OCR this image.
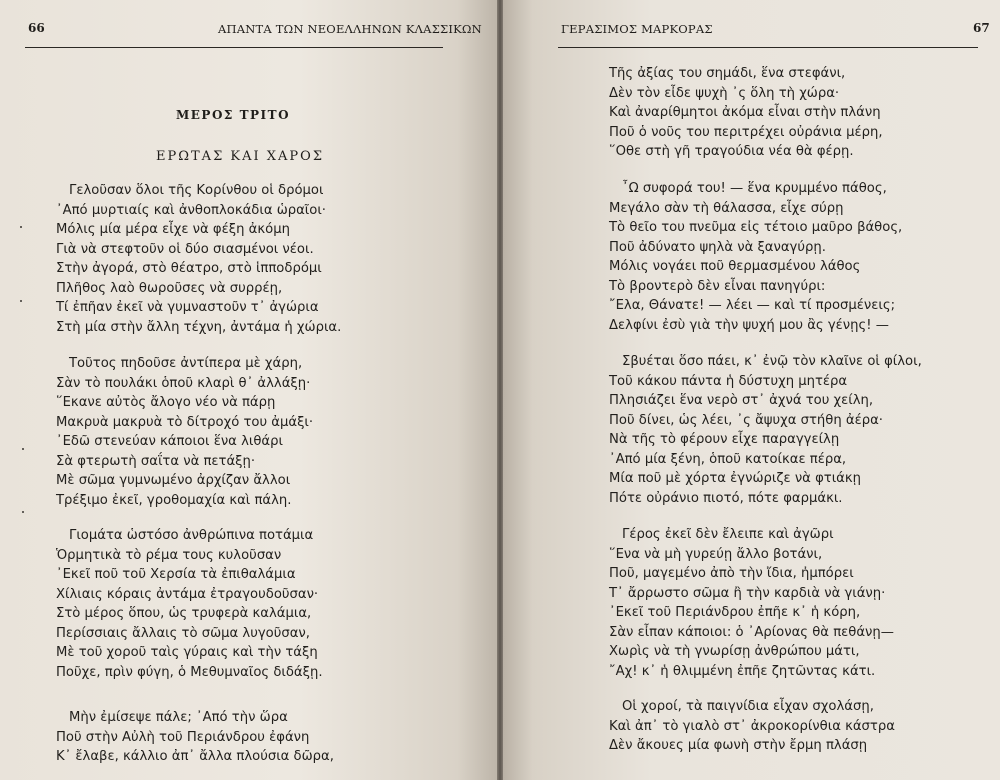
66	ΑΠΑΝΤΑ ΤΩΝ ΝΕΟΕΛΛΗΝΩΝ ΚΛΑΣΣΙΚΩΝ
ΜΕΡΟΣ ΤΡΙΤΟ
ΕΡΩΤΑΣ ΚΑΙ ΧΑΡΟΣ
Γελοῦσαν ὅλοι τῆς Κορίνθου οἱ δρόμοι
᾿Από μυρτιαίς καὶ ἀνθοπλοκάδια ὡραῖοι·
Μόλις μία μέρα εἶχε νὰ φέξη ἀκόμη
Γιὰ νὰ στεφτοῦν οἱ δύο σιασμένοι νέοι.
Στὴν ἀγορά, στὸ θέατρο, στὸ ἱπποδρόμι
Πλῆθος λαὸ θωροῦσες νὰ συρρέῃ,
Τί ἐπῆαν ἐκεῖ νὰ γυμναστοῦν τ᾿ ἀγώρια
Στὴ μία στὴν ἄλλη τέχνη, ἀντάμα ἡ χώρια.
Τοῦτος πηδοῦσε ἀντίπερα μὲ χάρη,
Σὰν τὸ πουλάκι ὁποῦ κλαρὶ θ᾿ ἀλλάξῃ·
῞Εκανε αὐτὸς ἄλογο νέο νὰ πάρῃ
Μακρυὰ μακρυὰ τὸ δίτροχό του ἀμάξι·
᾿Εδῶ στενεύαν κάποιοι ἕνα λιθάρι
Σὰ φτερωτὴ σαΐτα νὰ πετάξῃ·
Μὲ σῶμα γυμνωμένο ἀρχίζαν ἄλλοι
Τρέξιμο ἐκεῖ, γροθομαχία καὶ πάλη.
Γιομάτα ὡστόσο ἀνθρώπινα ποτάμια
Ὁρμητικὰ τὸ ρέμα τους κυλοῦσαν
᾿Εκεῖ ποῦ τοῦ Χερσία τὰ ἐπιθαλάμια
Χίλιαις κόραις ἀντάμα ἐτραγουδοῦσαν·
Στὸ μέρος ὅπου, ὡς τρυφερὰ καλάμια,
Περίσσιαις ἄλλαις τὸ σῶμα λυγοῦσαν,
Μὲ τοῦ χοροῦ ταὶς γύραις καὶ τὴν τάξη
Ποῦχε, πρὶν φύγη, ὁ Μεθυμναῖος διδάξῃ.
Μὴν ἐμίσεψε πάλε; ᾿Από τὴν ὥρα
Ποῦ στὴν Αὐλὴ τοῦ Περιάνδρου ἐφάνη
Κ᾿ ἔλαβε, κάλλιο ἀπ᾿ ἄλλα πλούσια δῶρα,
ΓΕΡΑΣΙΜΟΣ ΜΑΡΚΟΡΑΣ	67
Τῆς ἀξίας του σημάδι, ἕνα στεφάνι,
Δὲν τὸν εἶδε ψυχὴ ᾿ς ὅλη τὴ χώρα·
Καὶ ἀναρίθμητοι ἀκόμα εἶναι στὴν πλάνη
Ποῦ ὁ νοῦς του περιτρέχει οὐράνια μέρη,
῞Οθε στὴ γῆ τραγούδια νέα θὰ φέρῃ.
῏Ω συφορά του! — ἕνα κρυμμένο πάθος,
Μεγάλο σὰν τὴ θάλασσα, εἶχε σύρῃ
Τὸ θεῖο του πνεῦμα εἰς τέτοιο μαῦρο βάθος,
Ποῦ ἀδύνατο ψηλὰ νὰ ξαναγύρῃ.
Μόλις νογάει ποῦ θερμασμένου λάθος
Τὸ βροντερὸ δὲν εἶναι πανηγύρι:
῎Ελα, Θάνατε! — λέει — καὶ τί προσμένεις;
Δελφίνι ἐσὺ γιὰ τὴν ψυχή μου ἂς γένῃς! —
Σβυέται ὅσο πάει, κ᾿ ἐνῷ τὸν κλαῖνε οἱ φίλοι,
Τοῦ κάκου πάντα ἡ δύστυχη μητέρα
Πλησιάζει ἕνα νερὸ στ᾿ ἀχνά του χείλη,
Ποῦ δίνει, ὡς λέει, ᾿ς ἄψυχα στήθη ἀέρα·
Νὰ τῆς τὸ φέρουν εἶχε παραγγείλῃ
᾿Από μία ξένη, ὁποῦ κατοίκαε πέρα,
Μία ποῦ μὲ χόρτα ἐγνώριζε νὰ φτιάκῃ
Πότε οὐράνιο πιοτό, πότε φαρμάκι.
Γέρος ἐκεῖ δὲν ἔλειπε καὶ ἀγῶρι
῞Ενα νὰ μὴ γυρεύῃ ἄλλο βοτάνι,
Ποῦ, μαγεμένο ἀπὸ τὴν ἴδια, ἠμπόρει
Τ᾿ ἄρρωστο σῶμα ἢ τὴν καρδιὰ νὰ γιάνῃ·
᾿Εκεῖ τοῦ Περιάνδρου ἐπῆε κ᾿ ἡ κόρη,
Σὰν εἶπαν κάποιοι: ὁ ᾿Αρίονας θὰ πεθάνῃ—
Χωρὶς νὰ τὴ γνωρίσῃ ἀνθρώπου μάτι,
῎Αχ! κ᾿ ἡ θλιμμένη ἐπῆε ζητῶντας κάτι.
Οἱ χοροί, τὰ παιγνίδια εἶχαν σχολάσῃ,
Καὶ ἀπ᾿ τὸ γιαλὸ στ᾿ ἀκροκορίνθια κάστρα
Δὲν ἄκουες μία φωνὴ στὴν ἔρμη πλάσῃ
